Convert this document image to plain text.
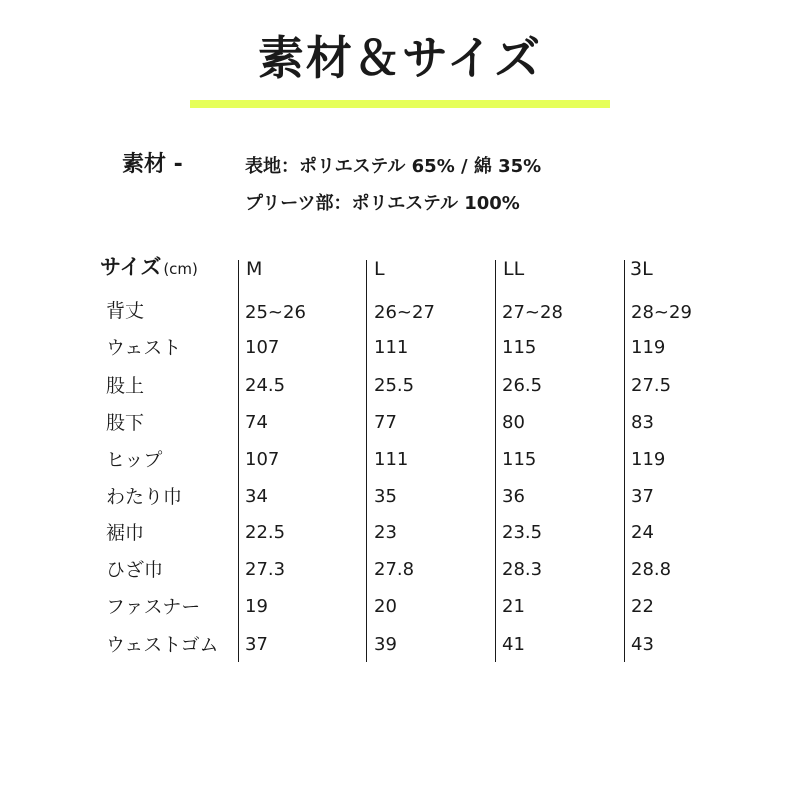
素材＆サイズ
素材 -	表地：ポリエステル 65% / 綿 35%
プリーツ部：ポリエステル 100%
サイズ (cm)	M	L	LL	3L
背丈	25~26	26~27	27~28	28~29
ウェスト	107	111	115	119
股上	24.5	25.5	26.5	27.5
股下	74	77	80	83
ヒップ	107	111	115	119
わたり巾	34	35	36	37
裾巾	22.5	23	23.5	24
ひざ巾	27.3	27.8	28.3	28.8
ファスナー 19	20	21	22
ウェストゴム 37	39	41	43
